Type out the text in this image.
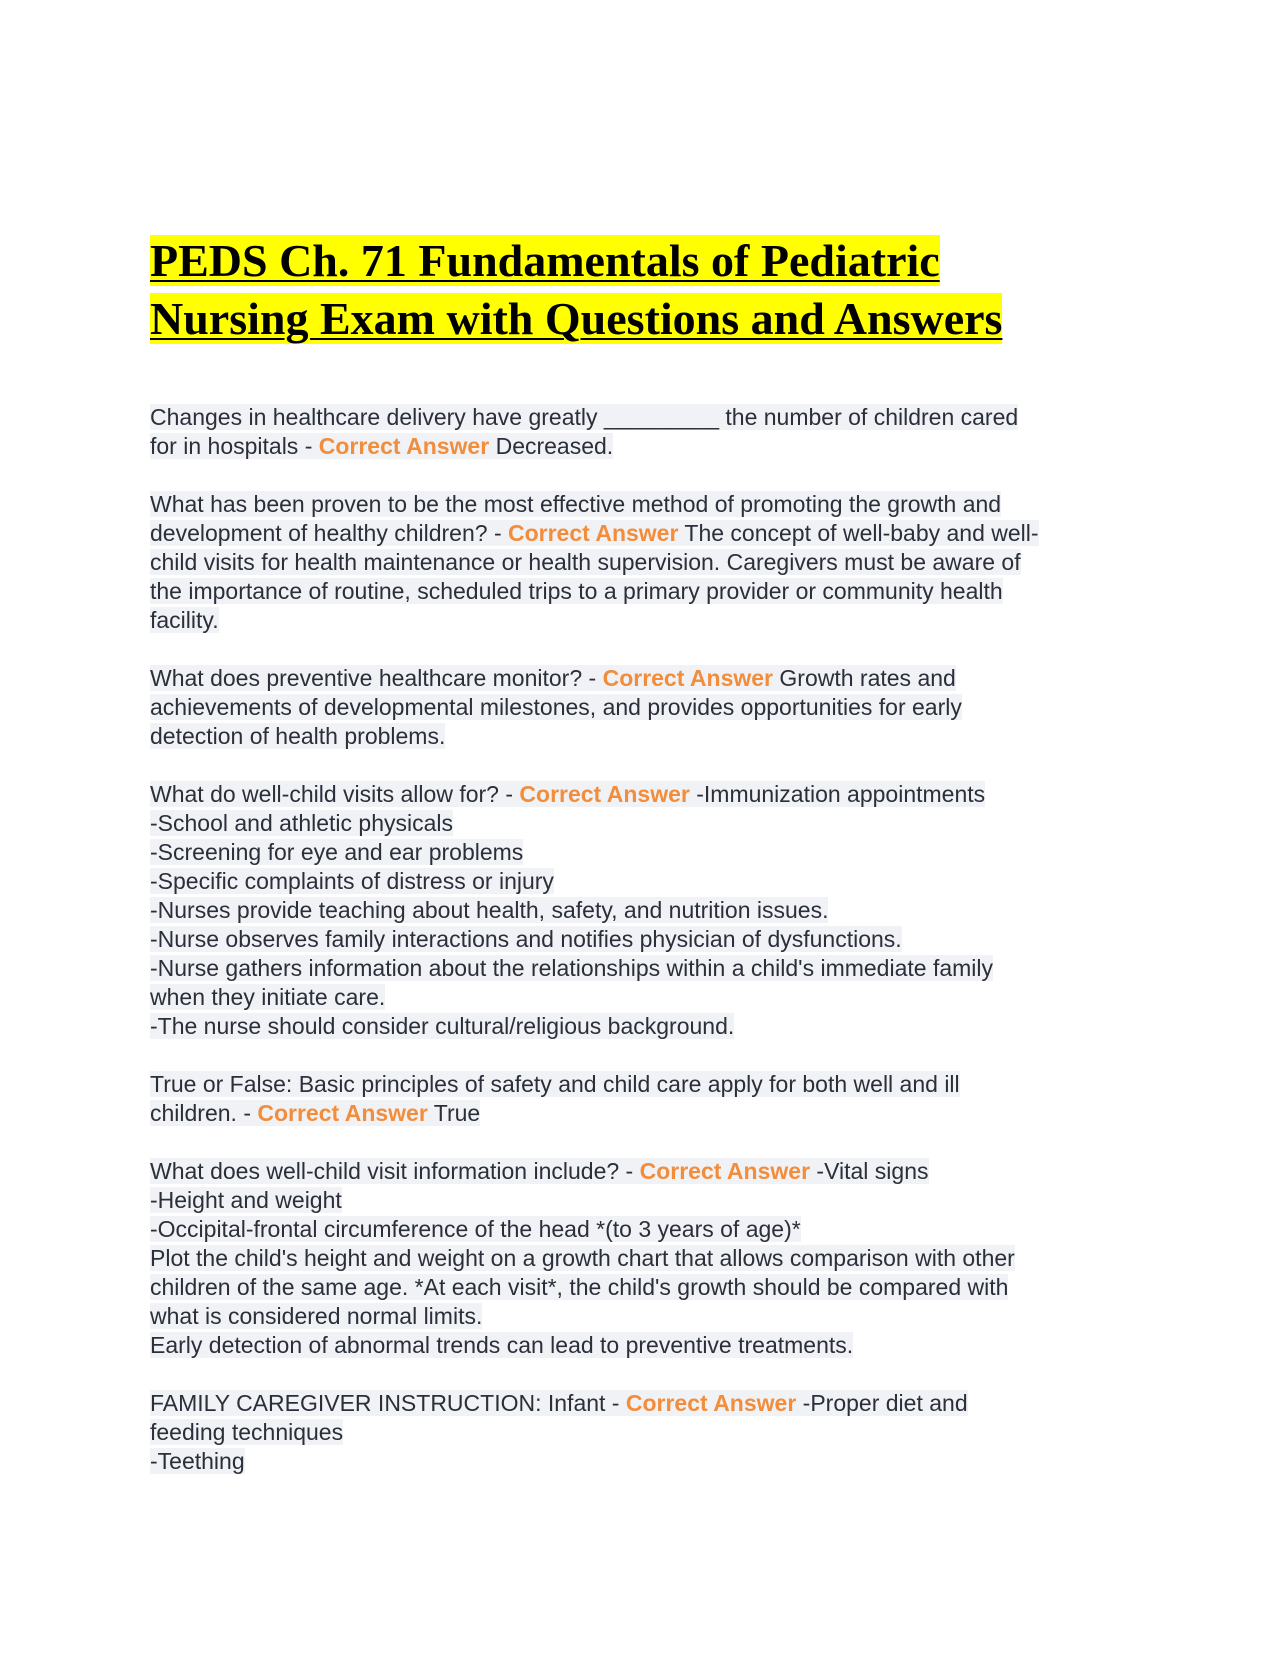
PEDS Ch. 71 Fundamentals of Pediatric
Nursing Exam with Questions and Answers
Changes in healthcare delivery have greatly _________ the number of children cared
for in hospitals - Correct Answer Decreased.
What has been proven to be the most effective method of promoting the growth and
development of healthy children? - Correct Answer The concept of well-baby and well-
child visits for health maintenance or health supervision. Caregivers must be aware of
the importance of routine, scheduled trips to a primary provider or community health
facility.
What does preventive healthcare monitor? - Correct Answer Growth rates and
achievements of developmental milestones, and provides opportunities for early
detection of health problems.
What do well-child visits allow for? - Correct Answer -Immunization appointments
-School and athletic physicals
-Screening for eye and ear problems
-Specific complaints of distress or injury
-Nurses provide teaching about health, safety, and nutrition issues.
-Nurse observes family interactions and notifies physician of dysfunctions.
-Nurse gathers information about the relationships within a child's immediate family
when they initiate care.
-The nurse should consider cultural/religious background.
True or False: Basic principles of safety and child care apply for both well and ill
children. - Correct Answer True
What does well-child visit information include? - Correct Answer -Vital signs
-Height and weight
-Occipital-frontal circumference of the head *(to 3 years of age)*
Plot the child's height and weight on a growth chart that allows comparison with other
children of the same age. *At each visit*, the child's growth should be compared with
what is considered normal limits.
Early detection of abnormal trends can lead to preventive treatments.
FAMILY CAREGIVER INSTRUCTION: Infant - Correct Answer -Proper diet and
feeding techniques
-Teething
